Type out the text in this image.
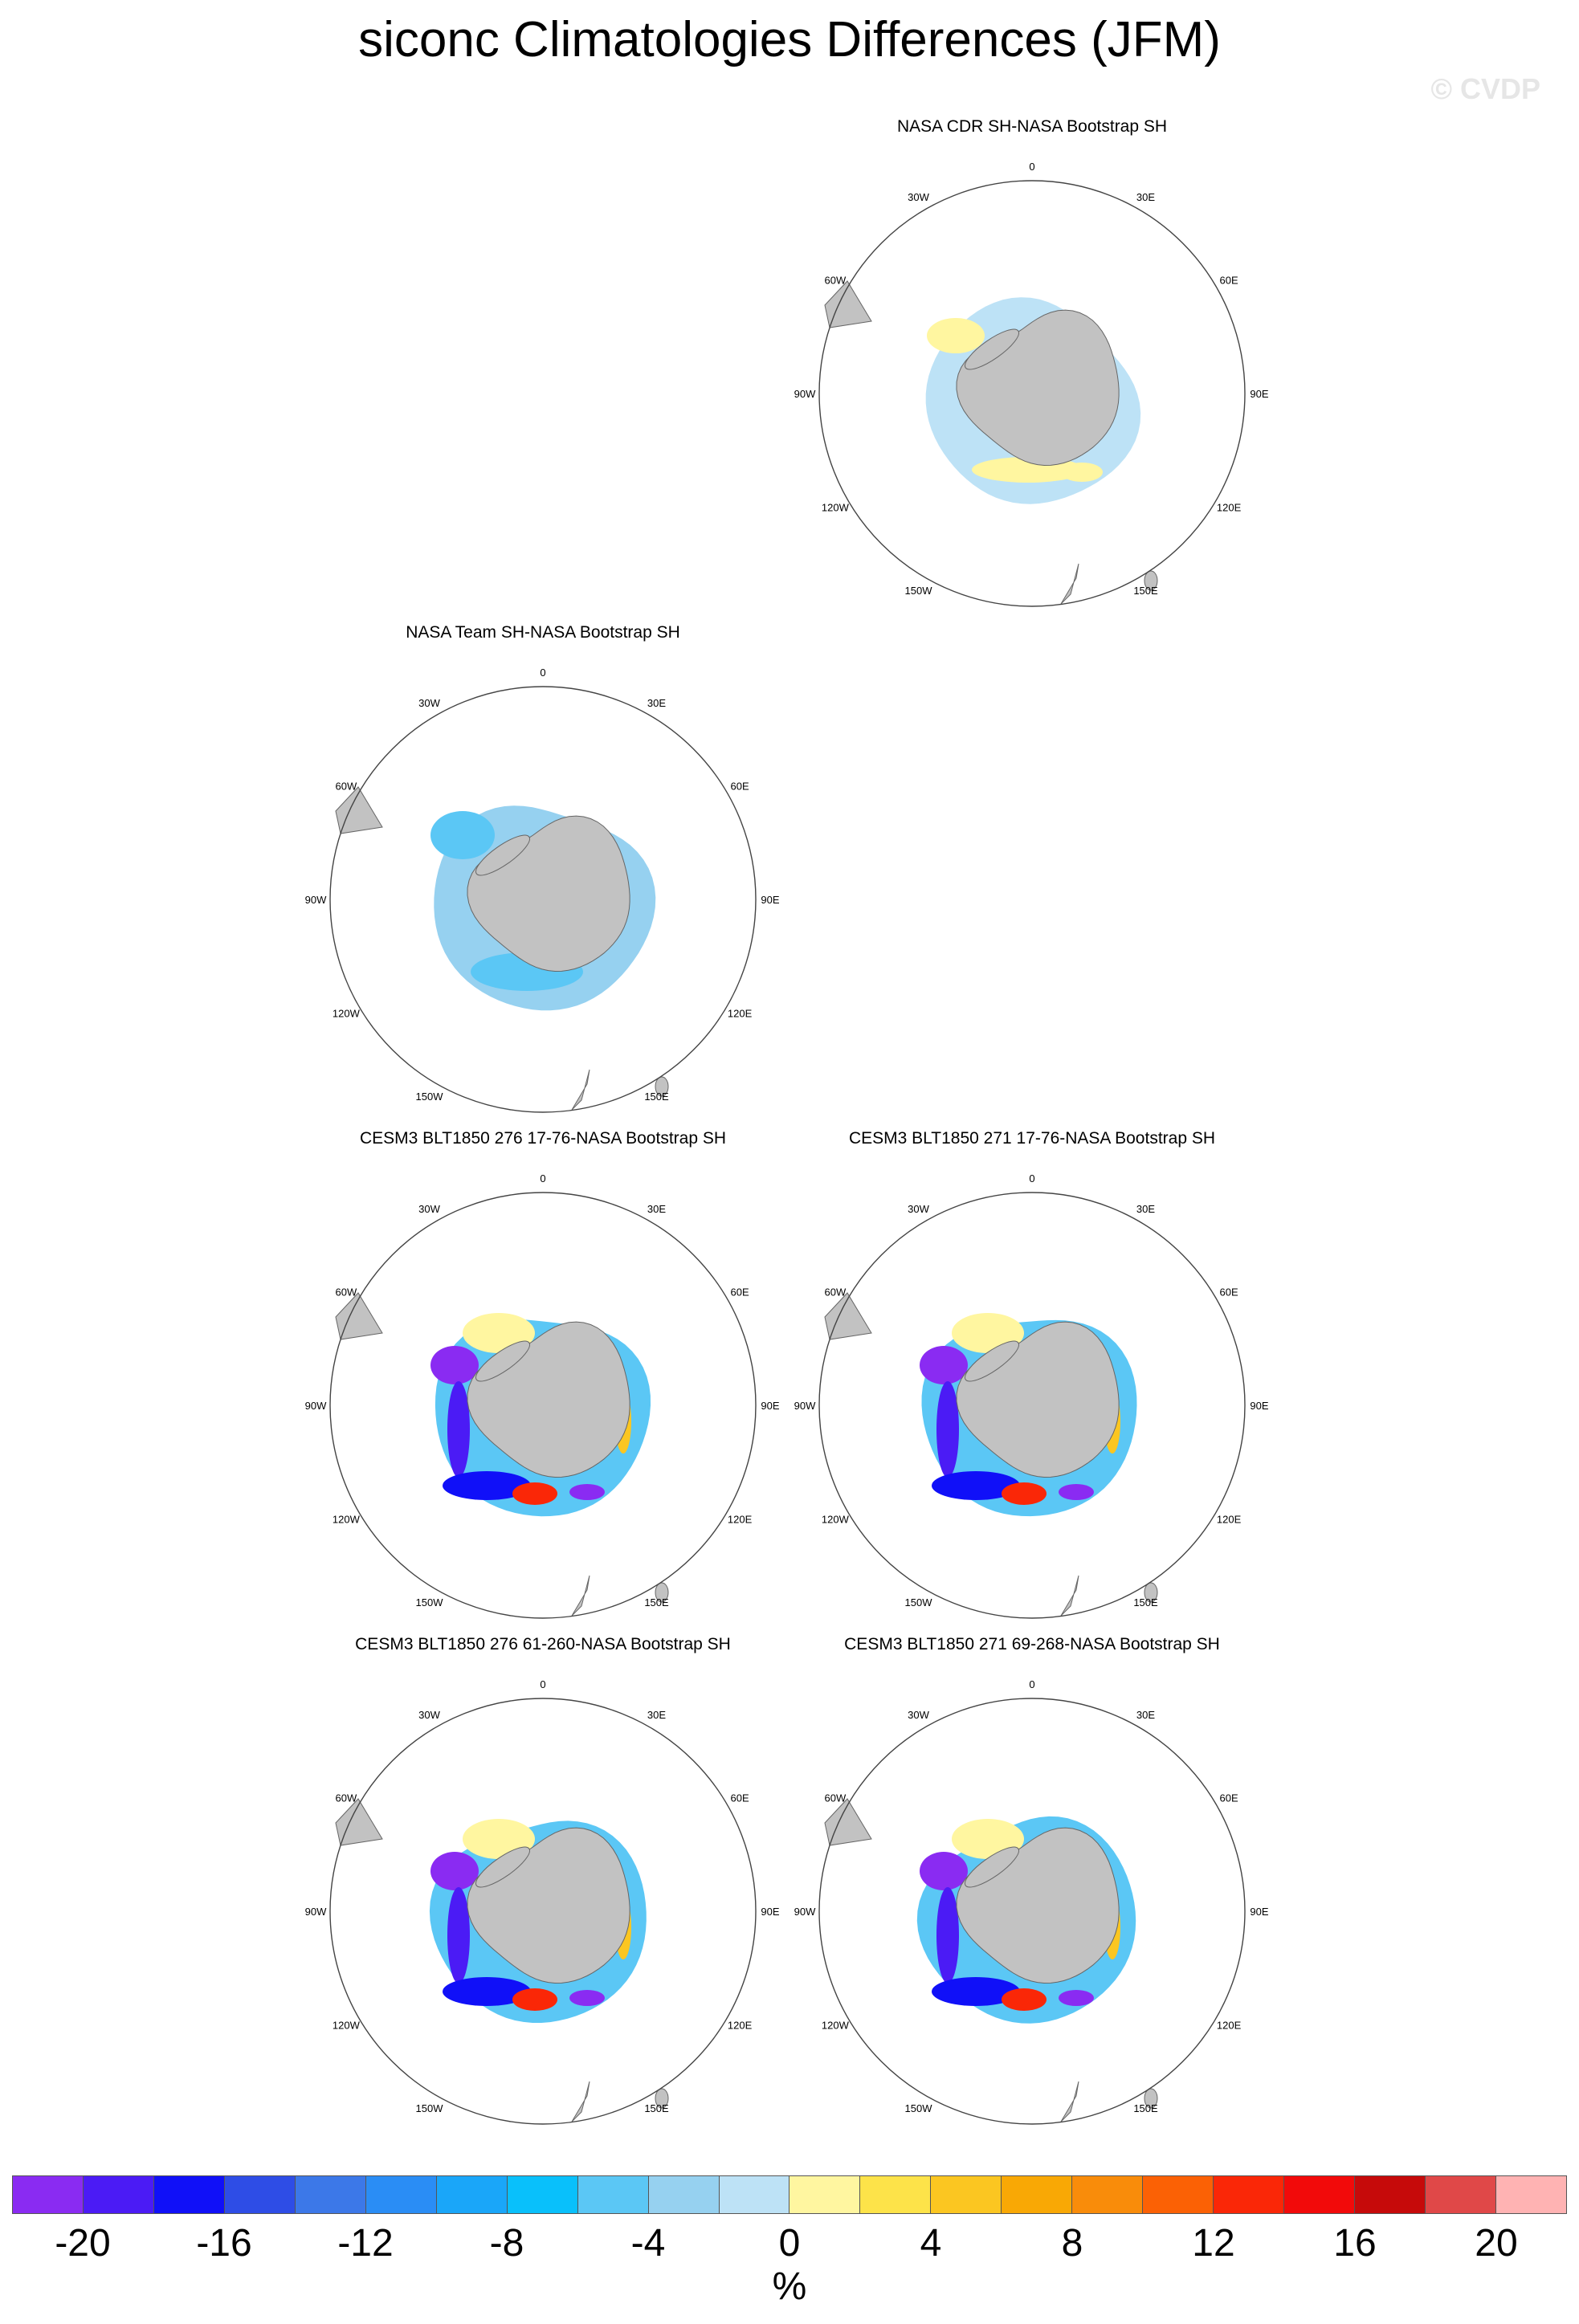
siconc Climatologies Differences (JFM)
© CVDP
NASA CDR SH-NASA Bootstrap SH
0
30E
60E
90E
120E
150E
150W
120W
90W
60W
30W
NASA Team SH-NASA Bootstrap SH
0
30E
60E
90E
120E
150E
150W
120W
90W
60W
30W
CESM3 BLT1850 276 17-76-NASA Bootstrap SH
0
30E
60E
90E
120E
150E
150W
120W
90W
60W
30W
CESM3 BLT1850 271 17-76-NASA Bootstrap SH
0
30E
60E
90E
120E
150E
150W
120W
90W
60W
30W
CESM3 BLT1850 276 61-260-NASA Bootstrap SH
0
30E
60E
90E
120E
150E
150W
120W
90W
60W
30W
CESM3 BLT1850 271 69-268-NASA Bootstrap SH
0
30E
60E
90E
120E
150E
150W
120W
90W
60W
30W
-20 -16 -12 -8	-4	0	4	8	12	16	20
%
